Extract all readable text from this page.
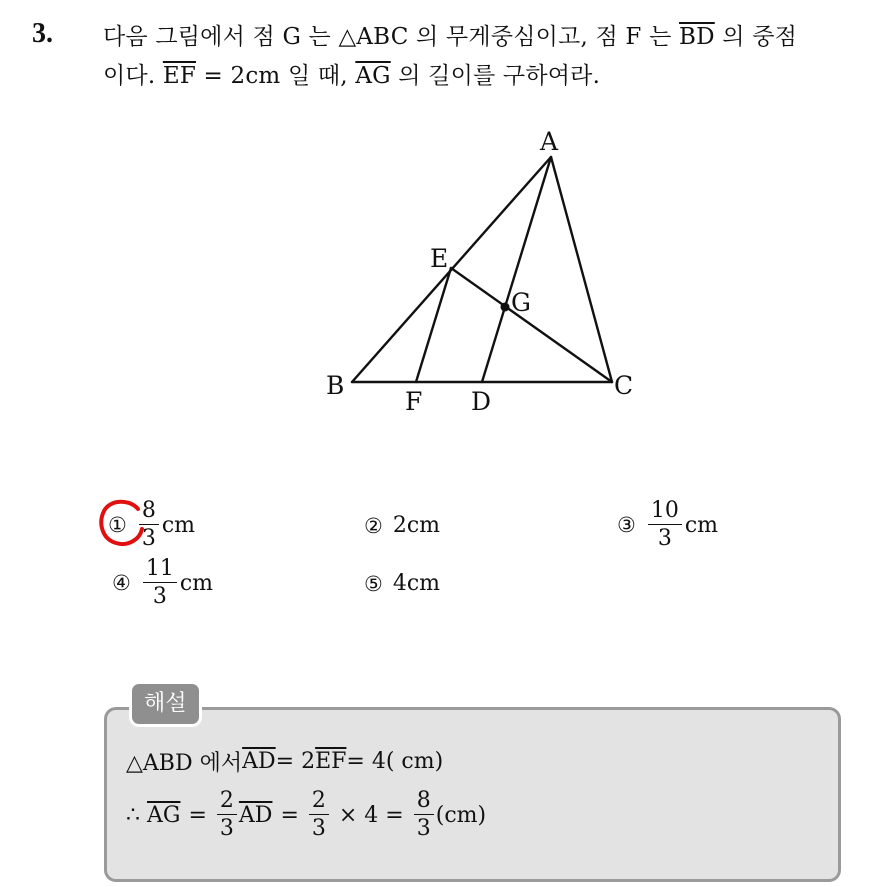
3. 다음 그림에서 점 G 는 △ABC 의 무게중심이고, 점 F 는 $\overline{BD}$ 의 중점
이다. $\overline{EF} = 2cm$ 일 때, $\overline{AG}$ 의 길이를 구하여라.
A
B	C
D
E
F
G
① $\frac{8}{3}$ cm	② 2cm	③ $\frac{10}{3}$ cm
④ $\frac{11}{3}$ cm	⑤ 4cm
해설
△ABD 에서 $\overline{AD} = 2$ $\overline{EF} = 4$( cm)
∴
$\overline{AG} = \frac{2}{3} \overline{AD} = \frac{2}{3} \times 4 = \frac{8}{3} (cm)$
